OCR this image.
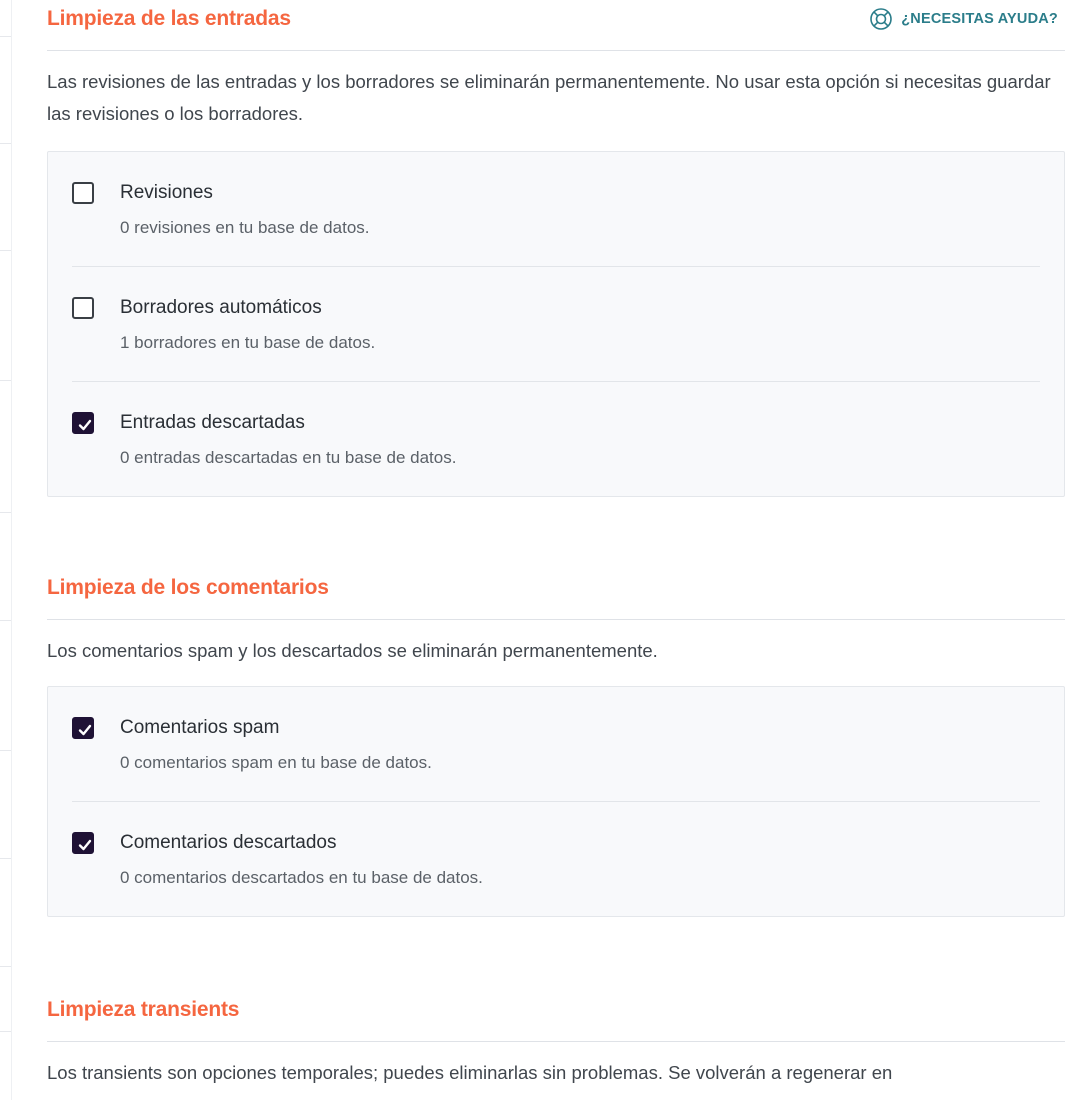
Limpieza de las entradas	¿NECESITAS AYUDA?

Las revisiones de las entradas y los borradores se eliminarán permanentemente. No usar esta opción si necesitas guardar las revisiones o los borradores.

Revisiones

0 revisiones en tu base de datos.

Borradores automáticos

1 borradores en tu base de datos.

Entradas descartadas

0 entradas descartadas en tu base de datos.

Limpieza de los comentarios

Los comentarios spam y los descartados se eliminarán permanentemente.

Comentarios spam

0 comentarios spam en tu base de datos.

Comentarios descartados

0 comentarios descartados en tu base de datos.

Limpieza transients

Los transients son opciones temporales; puedes eliminarlas sin problemas. Se volverán a regenerar en
